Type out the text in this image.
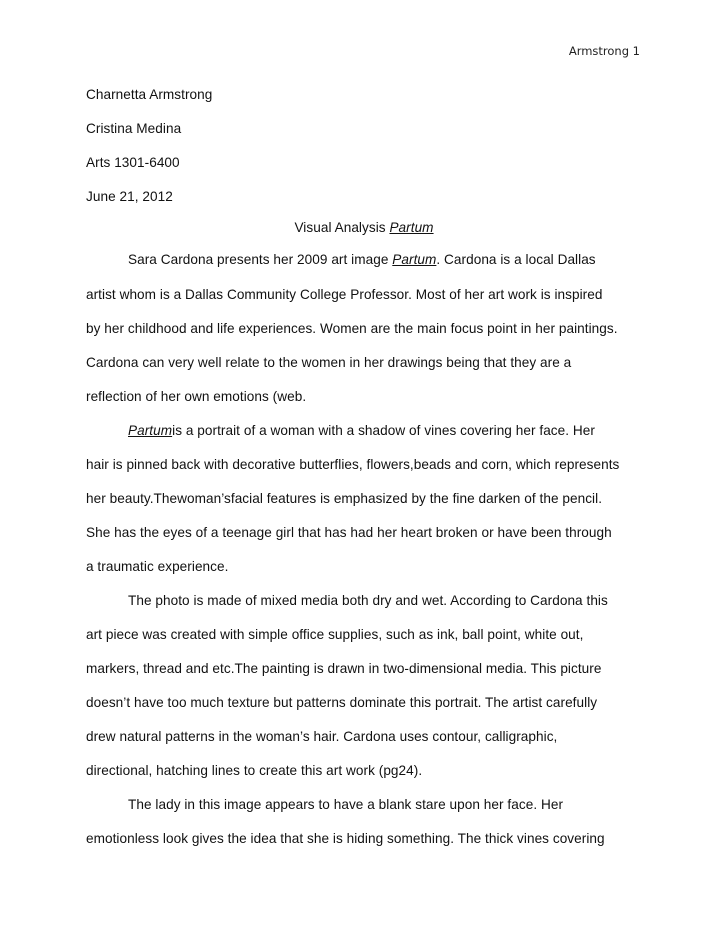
Armstrong 1
Charnetta Armstrong
Cristina Medina
Arts 1301-6400
June 21, 2012
Visual Analysis Partum
Sara Cardona presents her 2009 art image Partum. Cardona is a local Dallas
artist whom is a Dallas Community College Professor. Most of her art work is inspired
by her childhood and life experiences. Women are the main focus point in her paintings.
Cardona can very well relate to the women in her drawings being that they are a
reflection of her own emotions (web.
Partumis a portrait of a woman with a shadow of vines covering her face. Her
hair is pinned back with decorative butterflies, flowers,beads and corn, which represents
her beauty.Thewoman’sfacial features is emphasized by the fine darken of the pencil.
She has the eyes of a teenage girl that has had her heart broken or have been through
a traumatic experience.
The photo is made of mixed media both dry and wet. According to Cardona this
art piece was created with simple office supplies, such as ink, ball point, white out,
markers, thread and etc.The painting is drawn in two-dimensional media. This picture
doesn’t have too much texture but patterns dominate this portrait. The artist carefully
drew natural patterns in the woman’s hair. Cardona uses contour, calligraphic,
directional, hatching lines to create this art work (pg24).
The lady in this image appears to have a blank stare upon her face. Her
emotionless look gives the idea that she is hiding something. The thick vines covering
